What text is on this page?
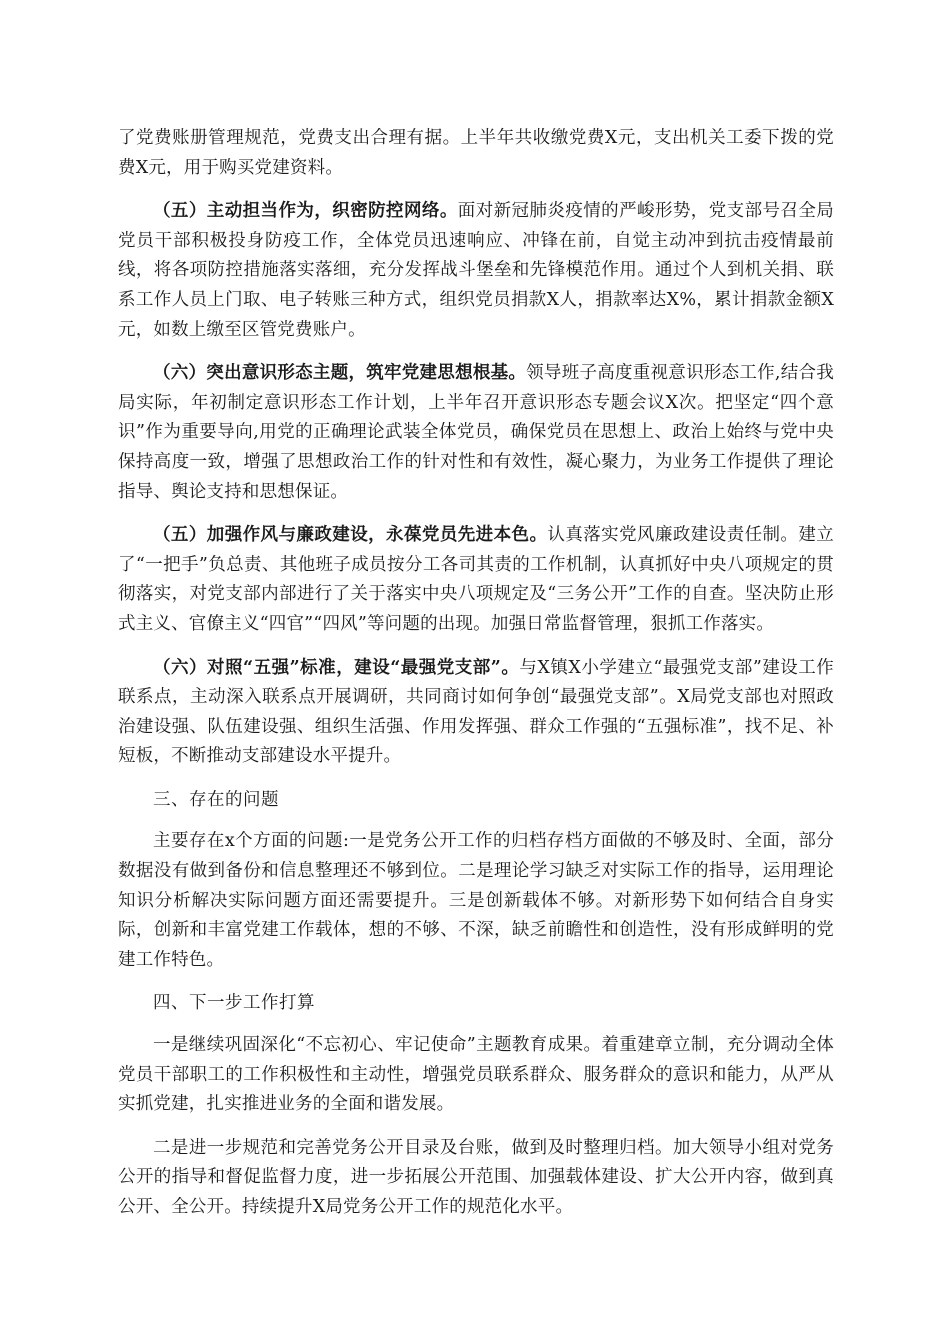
了党费账册管理规范，党费支出合理有据。上半年共收缴党费X元，支出机关工委下拨的党费X元，用于购买党建资料。

（五）主动担当作为，织密防控网络。面对新冠肺炎疫情的严峻形势，党支部号召全局党员干部积极投身防疫工作，全体党员迅速响应、冲锋在前，自觉主动冲到抗击疫情最前线，将各项防控措施落实落细，充分发挥战斗堡垒和先锋模范作用。通过个人到机关捐、联系工作人员上门取、电子转账三种方式，组织党员捐款X人，捐款率达X%，累计捐款金额X元，如数上缴至区管党费账户。

（六）突出意识形态主题，筑牢党建思想根基。领导班子高度重视意识形态工作,结合我局实际，年初制定意识形态工作计划，上半年召开意识形态专题会议X次。把坚定“四个意识”作为重要导向,用党的正确理论武装全体党员，确保党员在思想上、政治上始终与党中央保持高度一致，增强了思想政治工作的针对性和有效性，凝心聚力，为业务工作提供了理论指导、舆论支持和思想保证。

（五）加强作风与廉政建设，永葆党员先进本色。认真落实党风廉政建设责任制。建立了“一把手”负总责、其他班子成员按分工各司其责的工作机制，认真抓好中央八项规定的贯彻落实，对党支部内部进行了关于落实中央八项规定及“三务公开”工作的自查。坚决防止形式主义、官僚主义“四官”“四风”等问题的出现。加强日常监督管理，狠抓工作落实。

（六）对照“五强”标准，建设“最强党支部”。与X镇X小学建立“最强党支部”建设工作联系点，主动深入联系点开展调研，共同商讨如何争创“最强党支部”。X局党支部也对照政治建设强、队伍建设强、组织生活强、作用发挥强、群众工作强的“五强标准”，找不足、补短板，不断推动支部建设水平提升。

三、存在的问题

主要存在x个方面的问题:一是党务公开工作的归档存档方面做的不够及时、全面，部分数据没有做到备份和信息整理还不够到位。二是理论学习缺乏对实际工作的指导，运用理论知识分析解决实际问题方面还需要提升。三是创新载体不够。对新形势下如何结合自身实际，创新和丰富党建工作载体，想的不够、不深，缺乏前瞻性和创造性，没有形成鲜明的党建工作特色。

四、下一步工作打算

一是继续巩固深化“不忘初心、牢记使命”主题教育成果。着重建章立制，充分调动全体党员干部职工的工作积极性和主动性，增强党员联系群众、服务群众的意识和能力，从严从实抓党建，扎实推进业务的全面和谐发展。

二是进一步规范和完善党务公开目录及台账，做到及时整理归档。加大领导小组对党务公开的指导和督促监督力度，进一步拓展公开范围、加强载体建设、扩大公开内容，做到真公开、全公开。持续提升X局党务公开工作的规范化水平。
